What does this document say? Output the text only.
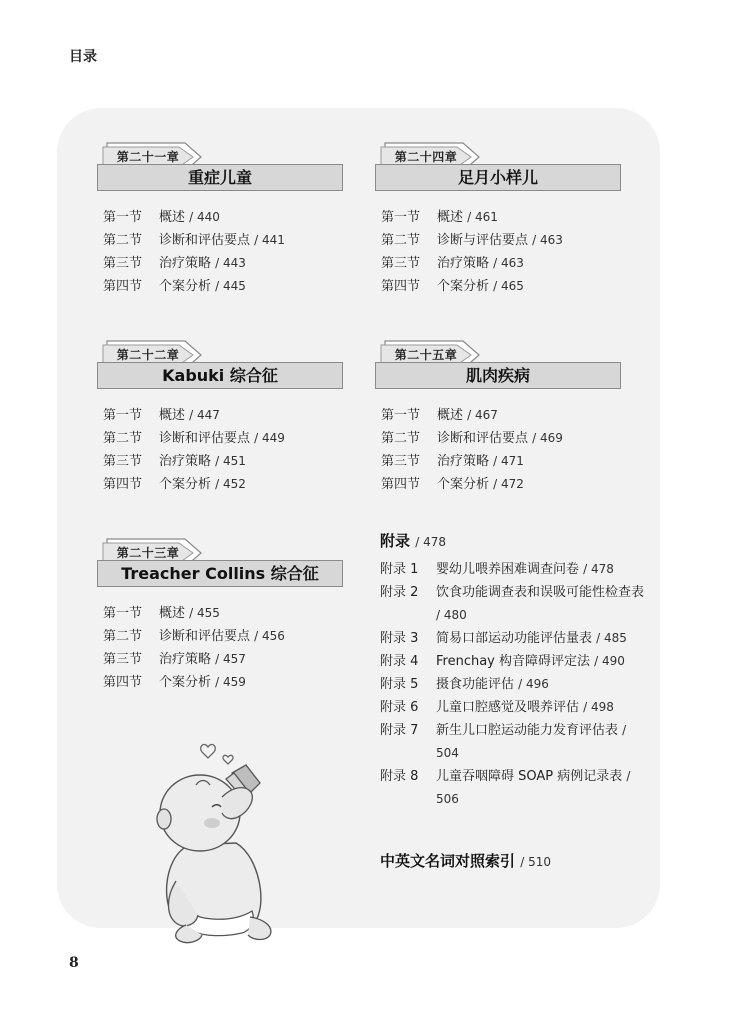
目录
第二十一章
重症儿童
第一节 概述 / 440
第二节 诊断和评估要点 / 441
第三节 治疗策略 / 443
第四节 个案分析 / 445
第二十二章
Kabuki 综合征
第一节 概述 / 447
第二节 诊断和评估要点 / 449
第三节 治疗策略 / 451
第四节 个案分析 / 452
第二十三章
Treacher Collins 综合征
第一节 概述 / 455
第二节 诊断和评估要点 / 456
第三节 治疗策略 / 457
第四节 个案分析 / 459
第二十四章
足月小样儿
第一节 概述 / 461
第二节 诊断与评估要点 / 463
第三节 治疗策略 / 463
第四节 个案分析 / 465
第二十五章
肌肉疾病
第一节 概述 / 467
第二节 诊断和评估要点 / 469
第三节 治疗策略 / 471
第四节 个案分析 / 472
附录 / 478
附录 1 婴幼儿喂养困难调查问卷 / 478
附录 2 饮食功能调查表和误吸可能性检查表 / 480
附录 3 简易口部运动功能评估量表 / 485
附录 4 Frenchay 构音障碍评定法 / 490
附录 5 摄食功能评估 / 496
附录 6 儿童口腔感觉及喂养评估 / 498
附录 7 新生儿口腔运动能力发育评估表 / 504
附录 8 儿童吞咽障碍 SOAP 病例记录表 / 506
中英文名词对照索引 / 510
8
